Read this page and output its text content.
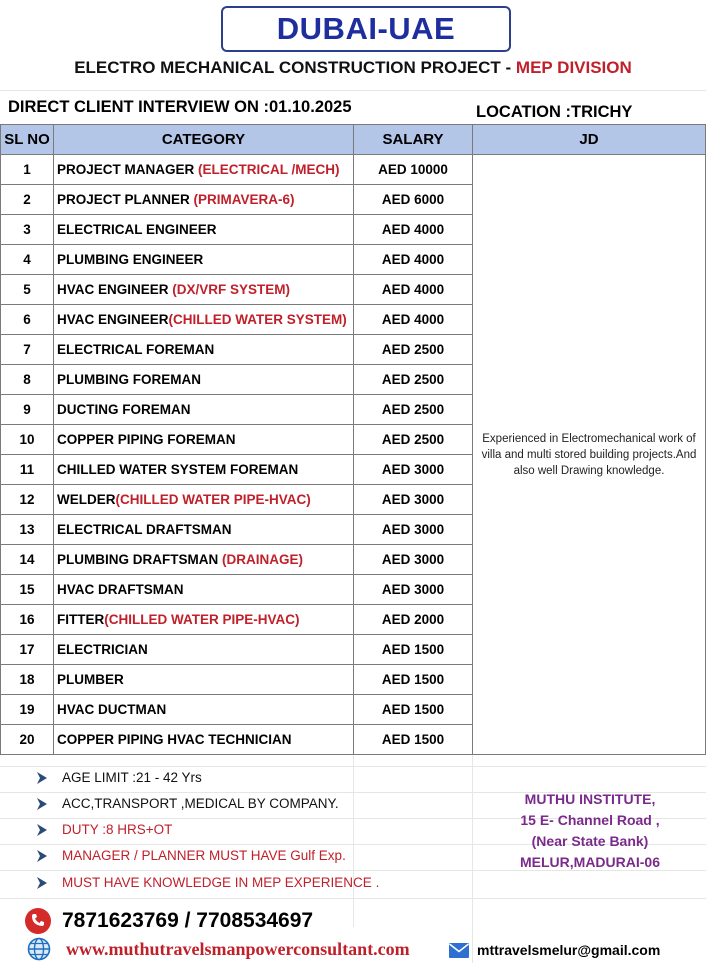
DUBAI-UAE
ELECTRO MECHANICAL CONSTRUCTION PROJECT - MEP DIVISION
DIRECT CLIENT INTERVIEW ON :01.10.2025	LOCATION :TRICHY
SL NO	CATEGORY	SALARY	JD
1	PROJECT MANAGER (ELECTRICAL /MECH)	AED 10000	Experienced in Electromechanical work of villa and multi stored building projects.And also well Drawing knowledge.
2	PROJECT PLANNER (PRIMAVERA-6)	AED 6000	
3	ELECTRICAL ENGINEER	AED 4000	
4	PLUMBING ENGINEER	AED 4000	
5	HVAC ENGINEER (DX/VRF SYSTEM)	AED 4000	
6	HVAC ENGINEER(CHILLED WATER SYSTEM)	AED 4000	
7	ELECTRICAL FOREMAN	AED 2500	
8	PLUMBING FOREMAN	AED 2500	
9	DUCTING FOREMAN	AED 2500	
10	COPPER PIPING FOREMAN	AED 2500	
11	CHILLED WATER SYSTEM FOREMAN	AED 3000	
12	WELDER(CHILLED WATER PIPE-HVAC)	AED 3000	
13	ELECTRICAL DRAFTSMAN	AED 3000	
14	PLUMBING DRAFTSMAN (DRAINAGE)	AED 3000	
15	HVAC DRAFTSMAN	AED 3000	
16	FITTER(CHILLED WATER PIPE-HVAC)	AED 2000	
17	ELECTRICIAN	AED 1500	
18	PLUMBER	AED 1500	
19	HVAC DUCTMAN	AED 1500	
20	COPPER PIPING HVAC TECHNICIAN	AED 1500	
AGE LIMIT :21 - 42 Yrs
ACC,TRANSPORT ,MEDICAL BY COMPANY.
DUTY :8 HRS+OT
MANAGER / PLANNER MUST HAVE Gulf Exp.
MUST HAVE KNOWLEDGE IN MEP EXPERIENCE .
MUTHU INSTITUTE,
15 E- Channel Road ,
(Near State Bank)
MELUR,MADURAI-06
7871623769 / 7708534697
www.muthutravelsmanpowerconsultant.com	mttravelsmelur@gmail.com
